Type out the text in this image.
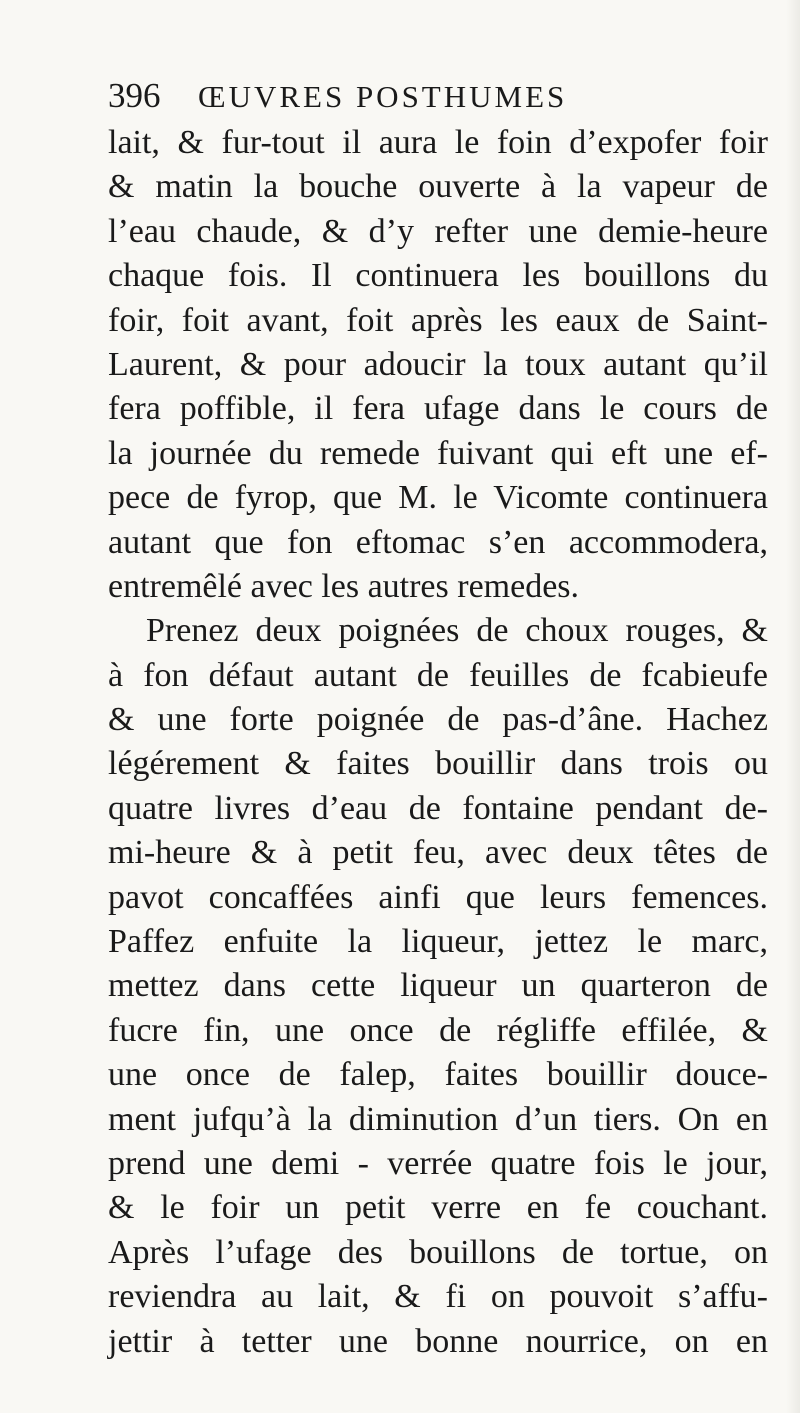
396 ŒUVRES POSTHUMES
lait, & fur-tout il aura le foin d’expofer foir
& matin la bouche ouverte à la vapeur de
l’eau chaude, & d’y refter une demie-heure
chaque fois. Il continuera les bouillons du
foir, foit avant, foit après les eaux de Saint-
Laurent, & pour adoucir la toux autant qu’il
fera poffible, il fera ufage dans le cours de
la journée du remede fuivant qui eft une ef-
pece de fyrop, que M. le Vicomte continuera
autant que fon eftomac s’en accommodera,
entremêlé avec les autres remedes.
Prenez deux poignées de choux rouges, &
à fon défaut autant de feuilles de fcabieufe
& une forte poignée de pas-d’âne. Hachez
légérement & faites bouillir dans trois ou
quatre livres d’eau de fontaine pendant de-
mi-heure & à petit feu, avec deux têtes de
pavot concaffées ainfi que leurs femences.
Paffez enfuite la liqueur, jettez le marc,
mettez dans cette liqueur un quarteron de
fucre fin, une once de régliffe effilée, &
une once de falep, faites bouillir douce-
ment jufqu’à la diminution d’un tiers. On en
prend une demi - verrée quatre fois le jour,
& le foir un petit verre en fe couchant.
Après l’ufage des bouillons de tortue, on
reviendra au lait, & fi on pouvoit s’affu-
jettir à tetter une bonne nourrice, on en
